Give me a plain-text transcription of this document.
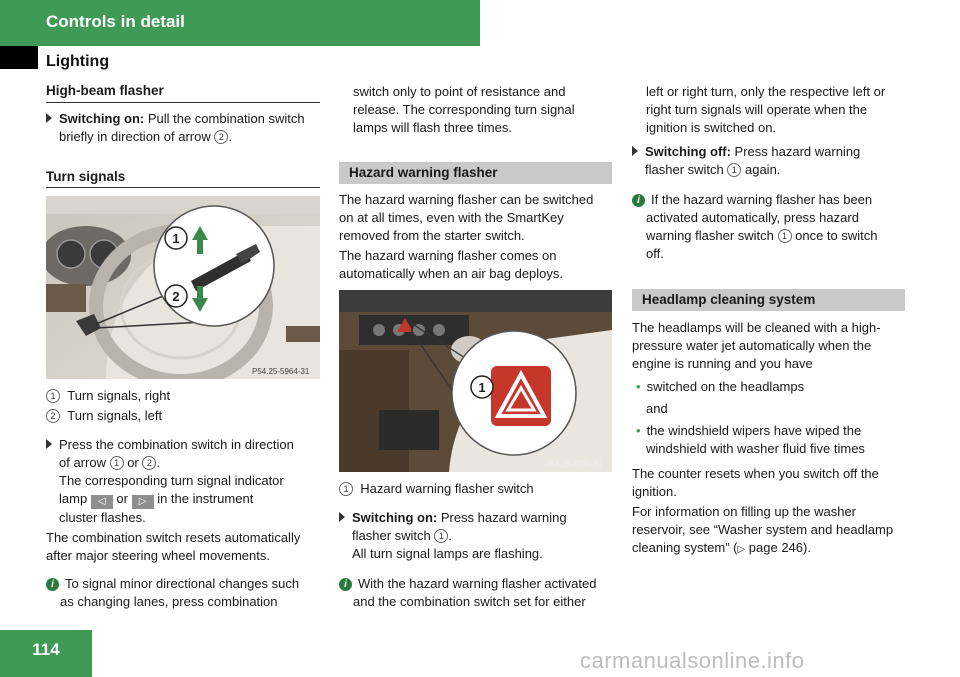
Controls in detail
Lighting
High-beam flasher
Switching on: Pull the combination switch
briefly in direction of arrow 2 .
Turn signals
1
2
P54.25-5964-31
1 Turn signals, right
2 Turn signals, left
Press the combination switch in direction
of arrow 1 or 2 .
The corresponding turn signal indicator
lamp ◁ or ▷ in the instrument
cluster flashes.
The combination switch resets automatically
after major steering wheel movements.
i To signal minor directional changes such
as changing lanes, press combination
switch only to point of resistance and
release. The corresponding turn signal
lamps will flash three times.
Hazard warning flasher
The hazard warning flasher can be switched
on at all times, even with the SmartKey
removed from the starter switch.
The hazard warning flasher comes on
automatically when an air bag deploys.
1
P54.25-6579-31
1 Hazard warning flasher switch
Switching on: Press hazard warning
flasher switch 1 .
All turn signal lamps are flashing.
i With the hazard warning flasher activated
and the combination switch set for either
left or right turn, only the respective left or
right turn signals will operate when the
ignition is switched on.
Switching off: Press hazard warning
flasher switch 1 again.
i If the hazard warning flasher has been
activated automatically, press hazard
warning flasher switch 1 once to switch
off.
Headlamp cleaning system
The headlamps will be cleaned with a high-
pressure water jet automatically when the
engine is running and you have
• switched on the headlamps
and
• the windshield wipers have wiped the
windshield with washer fluid five times
The counter resets when you switch off the
ignition.
For information on filling up the washer
reservoir, see “Washer system and headlamp
cleaning system” (▷ page 246).
114	carmanualsonline.info
